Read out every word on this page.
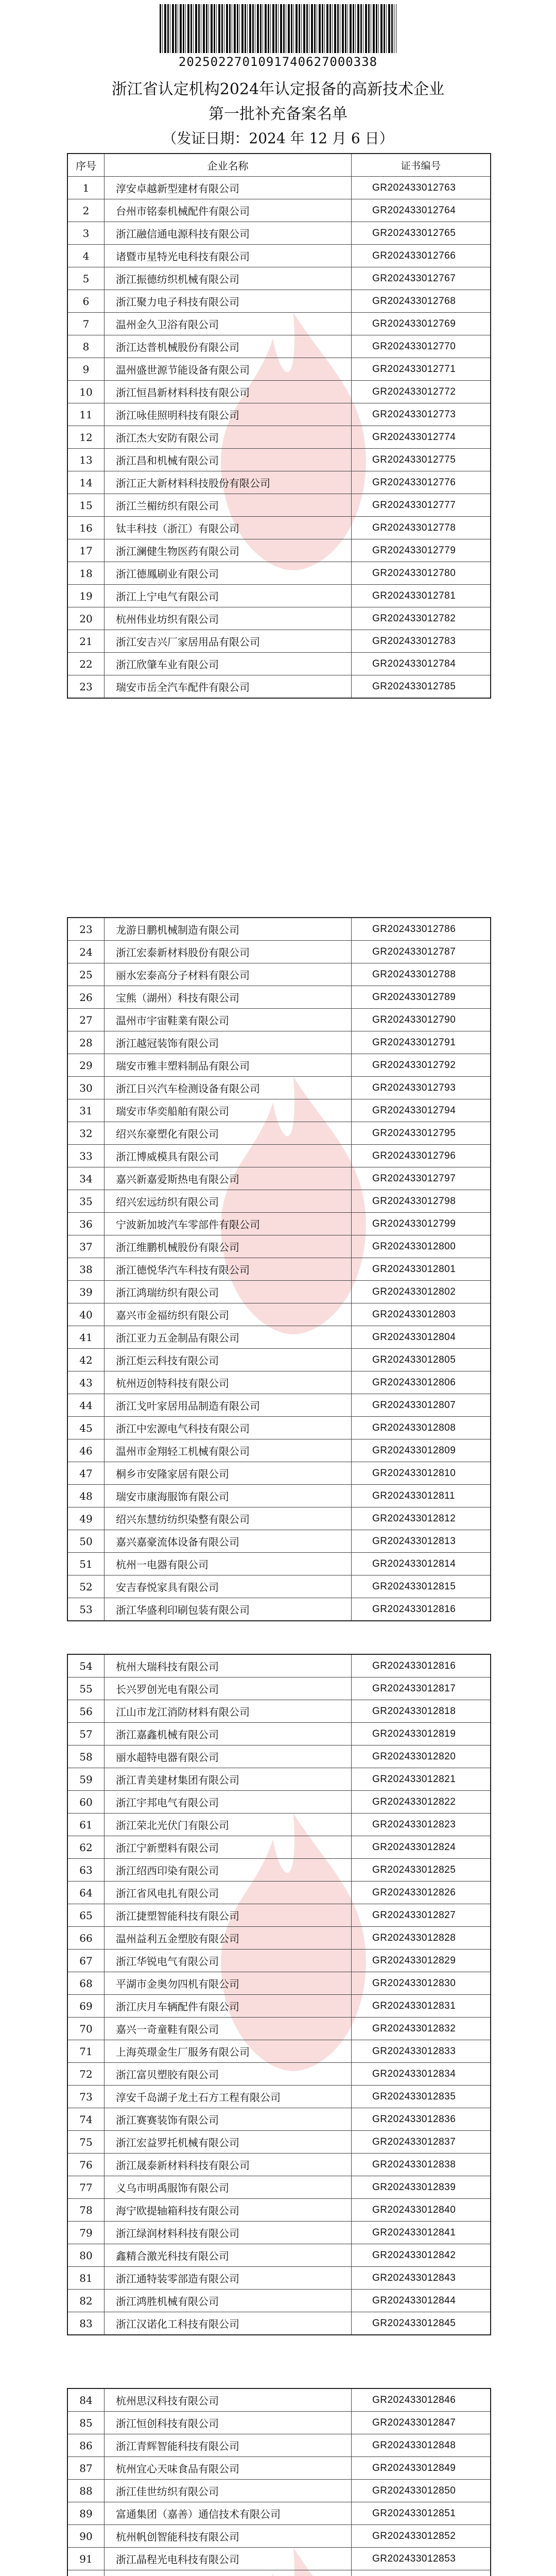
2025022701091740627000338
浙江省认定机构2024年认定报备的高新技术企业
第一批补充备案名单
（发证日期：2024 年 12 月 6 日）
序号	企业名称	证书编号
1	淳安卓越新型建材有限公司	GR202433012763
2	台州市铭泰机械配件有限公司	GR202433012764
3	浙江融信通电源科技有限公司	GR202433012765
4	诸暨市星特光电科技有限公司	GR202433012766
5	浙江振德纺织机械有限公司	GR202433012767
6	浙江聚力电子科技有限公司	GR202433012768
7	温州金久卫浴有限公司	GR202433012769
8	浙江达普机械股份有限公司	GR202433012770
9	温州盛世源节能设备有限公司	GR202433012771
10	浙江恒昌新材料科技有限公司	GR202433012772
11	浙江咏佳照明科技有限公司	GR202433012773
12	浙江杰大安防有限公司	GR202433012774
13	浙江昌和机械有限公司	GR202433012775
14	浙江正大新材料科技股份有限公司	GR202433012776
15	浙江兰楣纺织有限公司	GR202433012777
16	钛丰科技（浙江）有限公司	GR202433012778
17	浙江澜健生物医药有限公司	GR202433012779
18	浙江德鳳刷业有限公司	GR202433012780
19	浙江上宁电气有限公司	GR202433012781
20	杭州伟业坊织有限公司	GR202433012782
21	浙江安吉兴厂家居用品有限公司	GR202433012783
22	浙江欣肇车业有限公司	GR202433012784
23	瑞安市岳全汽车配件有限公司	GR202433012785
23	龙游日鹏机械制造有限公司	GR202433012786
24	浙江宏泰新材料股份有限公司	GR202433012787
25	丽水宏泰高分子材料有限公司	GR202433012788
26	宝熊（湖州）科技有限公司	GR202433012789
27	温州市宇宙鞋業有限公司	GR202433012790
28	浙江越冠装饰有限公司	GR202433012791
29	瑞安市雅丰塑料制品有限公司	GR202433012792
30	浙江日兴汽车检测设备有限公司	GR202433012793
31	瑞安市华奕船舶有限公司	GR202433012794
32	绍兴东豪塑化有限公司	GR202433012795
33	浙江博威模具有限公司	GR202433012796
34	嘉兴新嘉爱斯热电有限公司	GR202433012797
35	绍兴宏远纺织有限公司	GR202433012798
36	宁波新加坡汽车零部件有限公司	GR202433012799
37	浙江维鹏机械股份有限公司	GR202433012800
38	浙江德悦华汽车科技有限公司	GR202433012801
39	浙江鸿瑞纺织有限公司	GR202433012802
40	嘉兴市金福纺织有限公司	GR202433012803
41	浙江亚力五金制品有限公司	GR202433012804
42	浙江炬云科技有限公司	GR202433012805
43	杭州迈创特科技有限公司	GR202433012806
44	浙江戈叶家居用品制造有限公司	GR202433012807
45	浙江中宏源电气科技有限公司	GR202433012808
46	温州市金翔轻工机械有限公司	GR202433012809
47	桐乡市安隆家居有限公司	GR202433012810
48	瑞安市康海服饰有限公司	GR202433012811
49	绍兴东慧纺纺织染整有限公司	GR202433012812
50	嘉兴嘉豪流体设备有限公司	GR202433012813
51	杭州一电器有限公司	GR202433012814
52	安吉春悦家具有限公司	GR202433012815
53	浙江华盛利印刷包装有限公司	GR202433012816
54	杭州大瑞科技有限公司	GR202433012816
55	长兴罗创光电有限公司	GR202433012817
56	江山市龙江消防材料有限公司	GR202433012818
57	浙江嘉鑫机械有限公司	GR202433012819
58	丽水超特电器有限公司	GR202433012820
59	浙江青美建材集团有限公司	GR202433012821
60	浙江宇邦电气有限公司	GR202433012822
61	浙江荣北光伏门有限公司	GR202433012823
62	浙江宁新塑料有限公司	GR202433012824
63	浙江绍西印染有限公司	GR202433012825
64	浙江省风电扎有限公司	GR202433012826
65	浙江捷塑智能科技有限公司	GR202433012827
66	温州益利五金塑胶有限公司	GR202433012828
67	浙江华锐电气有限公司	GR202433012829
68	平湖市金奥勿四机有限公司	GR202433012830
69	浙江庆月车辆配件有限公司	GR202433012831
70	嘉兴一奇童鞋有限公司	GR202433012832
71	上海英璟金生厂服务有限公司	GR202433012833
72	浙江富贝塑胶有限公司	GR202433012834
73	淳安千岛湖子龙土石方工程有限公司	GR202433012835
74	浙江赛赛装饰有限公司	GR202433012836
75	浙江宏益罗托机械有限公司	GR202433012837
76	浙江晟泰新材料科技有限公司	GR202433012838
77	义乌市明禹服饰有限公司	GR202433012839
78	海宁欧提轴箱科技有限公司	GR202433012840
79	浙江绿润材料科技有限公司	GR202433012841
80	鑫精合激光科技有限公司	GR202433012842
81	浙江通特装零部造有限公司	GR202433012843
82	浙江鸿胜机械有限公司	GR202433012844
83	浙江汉诺化工科技有限公司	GR202433012845
84	杭州思汉科技有限公司	GR202433012846
85	浙江恒创科技有限公司	GR202433012847
86	浙江青辉智能科技有限公司	GR202433012848
87	杭州宜心天味食品有限公司	GR202433012849
88	浙江佳世纺织有限公司	GR202433012850
89	富通集团（嘉善）通信技术有限公司	GR202433012851
90	杭州帆创智能科技有限公司	GR202433012852
91	浙江晶程光电科技有限公司	GR202433012853
